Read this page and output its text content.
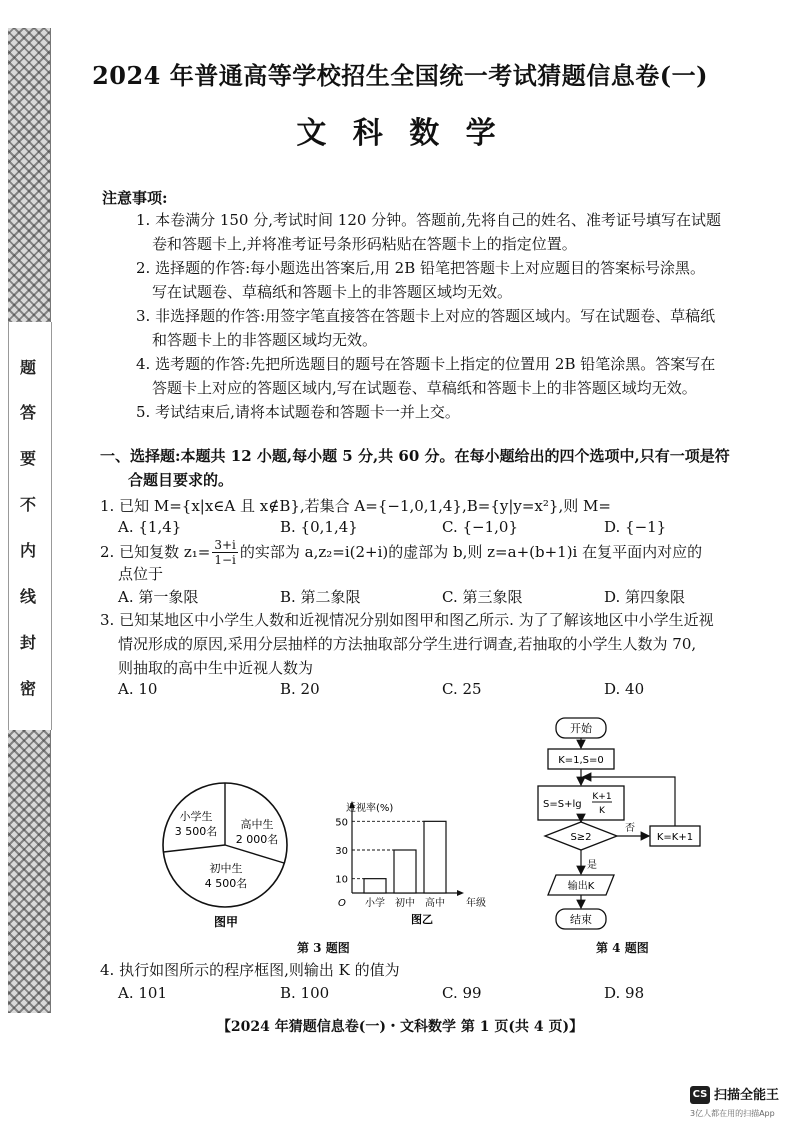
题
答
要
不
内
线
封
密
2024 年普通高等学校招生全国统一考试猜题信息卷(一)
文 科 数 学
注意事项:
1. 本卷满分 150 分,考试时间 120 分钟。答题前,先将自己的姓名、准考证号填写在试题
卷和答题卡上,并将准考证号条形码粘贴在答题卡上的指定位置。
2. 选择题的作答:每小题选出答案后,用 2B 铅笔把答题卡上对应题目的答案标号涂黑。
写在试题卷、草稿纸和答题卡上的非答题区域均无效。
3. 非选择题的作答:用签字笔直接答在答题卡上对应的答题区域内。写在试题卷、草稿纸
和答题卡上的非答题区域均无效。
4. 选考题的作答:先把所选题目的题号在答题卡上指定的位置用 2B 铅笔涂黑。答案写在
答题卡上对应的答题区域内,写在试题卷、草稿纸和答题卡上的非答题区域均无效。
5. 考试结束后,请将本试题卷和答题卡一并上交。
一、选择题:本题共 12 小题,每小题 5 分,共 60 分。在每小题给出的四个选项中,只有一项是符
合题目要求的。
1. 已知 M={x|x∈A 且 x∉B},若集合 A={−1,0,1,4},B={y|y=x²},则 M=
A. {1,4}	B. {0,1,4}	C. {−1,0}	D. {−1}
2. 已知复数 $z_1= \frac{3+i}{1-i}$ 的实部为 a,z₂=i(2+i)的虚部为 b,则 z=a+(b+1)i 在复平面内对应的
点位于
A. 第一象限	B. 第二象限	C. 第三象限	D. 第四象限
3. 已知某地区中小学生人数和近视情况分别如图甲和图乙所示. 为了了解该地区中小学生近视
情况形成的原因,采用分层抽样的方法抽取部分学生进行调查,若抽取的小学生人数为 70,
则抽取的高中生中近视人数为
A. 10	B. 20	C. 25	D. 40
小学生
3 500名
高中生
2 000名
初中生
4 500名
图甲
近视率(%)
年级
O
10
小学
30
初中
50
高中
图乙
第 3 题图
开始
K=1,S=0
S=S+lg
K+1
K
S≥2
否
K=K+1
是
输出K
结束
第 4 题图
4. 执行如图所示的程序框图,则输出 K 的值为
A. 101	B. 100	C. 99	D. 98
【2024 年猜题信息卷(一)・文科数学 第 1 页(共 4 页)】
CS 扫描全能王
3亿人都在用的扫描App
